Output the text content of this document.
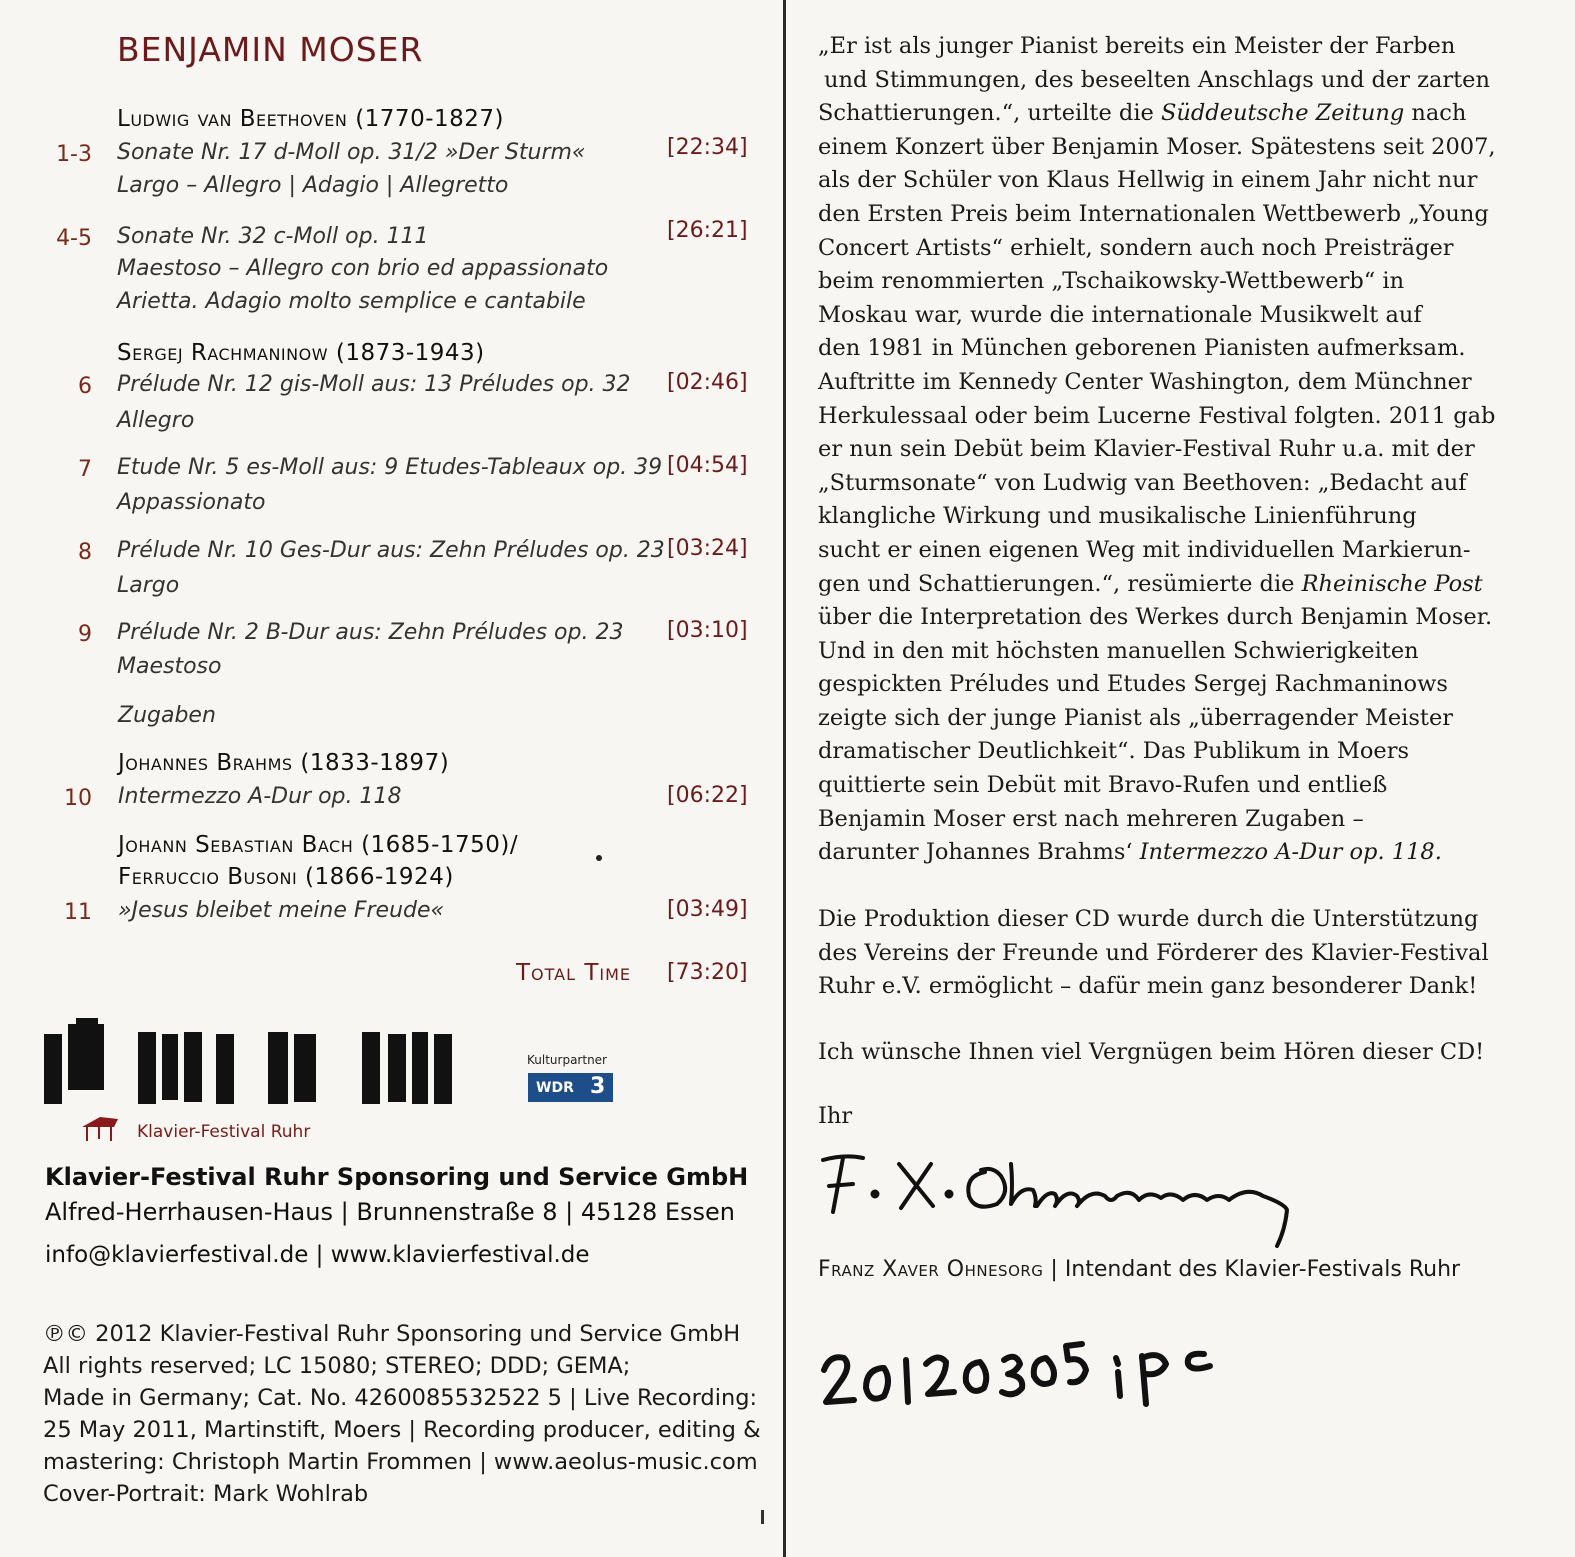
BENJAMIN MOSER
Ludwig van Beethoven (1770-1827)
1-3 Sonate Nr. 17 d-Moll op. 31/2 »Der Sturm«	[22:34]
Largo – Allegro | Adagio | Allegretto
4-5 Sonate Nr. 32 c-Moll op. 111	[26:21]
Maestoso – Allegro con brio ed appassionato
Arietta. Adagio molto semplice e cantabile
Sergej Rachmaninow (1873-1943)
6 Prélude Nr. 12 gis-Moll aus: 13 Préludes op. 32 [02:46]
Allegro
7 Etude Nr. 5 es-Moll aus: 9 Etudes-Tableaux op. 39 [04:54]
Appassionato
8 Prélude Nr. 10 Ges-Dur aus: Zehn Préludes op. 23 [03:24]
Largo
9 Prélude Nr. 2 B-Dur aus: Zehn Préludes op. 23 [03:10]
Maestoso
Zugaben
Johannes Brahms (1833-1897)
10 Intermezzo A-Dur op. 118	[06:22]
Johann Sebastian Bach (1685-1750)/
Ferruccio Busoni (1866-1924)
11 »Jesus bleibet meine Freude«	[03:49]
Total Time [73:20]
Klavier-Festival Ruhr
Kulturpartner
WDR 3
Klavier-Festival Ruhr Sponsoring und Service GmbH
Alfred-Herrhausen-Haus | Brunnenstraße 8 | 45128 Essen
info@klavierfestival.de | www.klavierfestival.de
℗© 2012 Klavier-Festival Ruhr Sponsoring und Service GmbH
All rights reserved; LC 15080; STEREO; DDD; GEMA;
Made in Germany; Cat. No. 4260085532522 5 | Live Recording:
25 May 2011, Martinstift, Moers | Recording producer, editing &
mastering: Christoph Martin Frommen | www.aeolus-music.com
Cover-Portrait: Mark Wohlrab
„Er ist als junger Pianist bereits ein Meister der Farben
und Stimmungen, des beseelten Anschlags und der zarten
Schattierungen.“, urteilte die Süddeutsche Zeitung nach
einem Konzert über Benjamin Moser. Spätestens seit 2007,
als der Schüler von Klaus Hellwig in einem Jahr nicht nur
den Ersten Preis beim Internationalen Wettbewerb „Young
Concert Artists“ erhielt, sondern auch noch Preisträger
beim renommierten „Tschaikowsky-Wettbewerb“ in
Moskau war, wurde die internationale Musikwelt auf
den 1981 in München geborenen Pianisten aufmerksam.
Auftritte im Kennedy Center Washington, dem Münchner
Herkulessaal oder beim Lucerne Festival folgten. 2011 gab
er nun sein Debüt beim Klavier-Festival Ruhr u.a. mit der
„Sturmsonate“ von Ludwig van Beethoven: „Bedacht auf
klangliche Wirkung und musikalische Linienführung
sucht er einen eigenen Weg mit individuellen Markierun-
gen und Schattierungen.“, resümierte die Rheinische Post
über die Interpretation des Werkes durch Benjamin Moser.
Und in den mit höchsten manuellen Schwierigkeiten
gespickten Préludes und Etudes Sergej Rachmaninows
zeigte sich der junge Pianist als „überragender Meister
dramatischer Deutlichkeit“. Das Publikum in Moers
quittierte sein Debüt mit Bravo-Rufen und entließ
Benjamin Moser erst nach mehreren Zugaben –
darunter Johannes Brahms‘ Intermezzo A-Dur op. 118.
Die Produktion dieser CD wurde durch die Unterstützung
des Vereins der Freunde und Förderer des Klavier-Festival
Ruhr e.V. ermöglicht – dafür mein ganz besonderer Dank!
Ich wünsche Ihnen viel Vergnügen beim Hören dieser CD!
Ihr
Franz Xaver Ohnesorg | Intendant des Klavier-Festivals Ruhr
